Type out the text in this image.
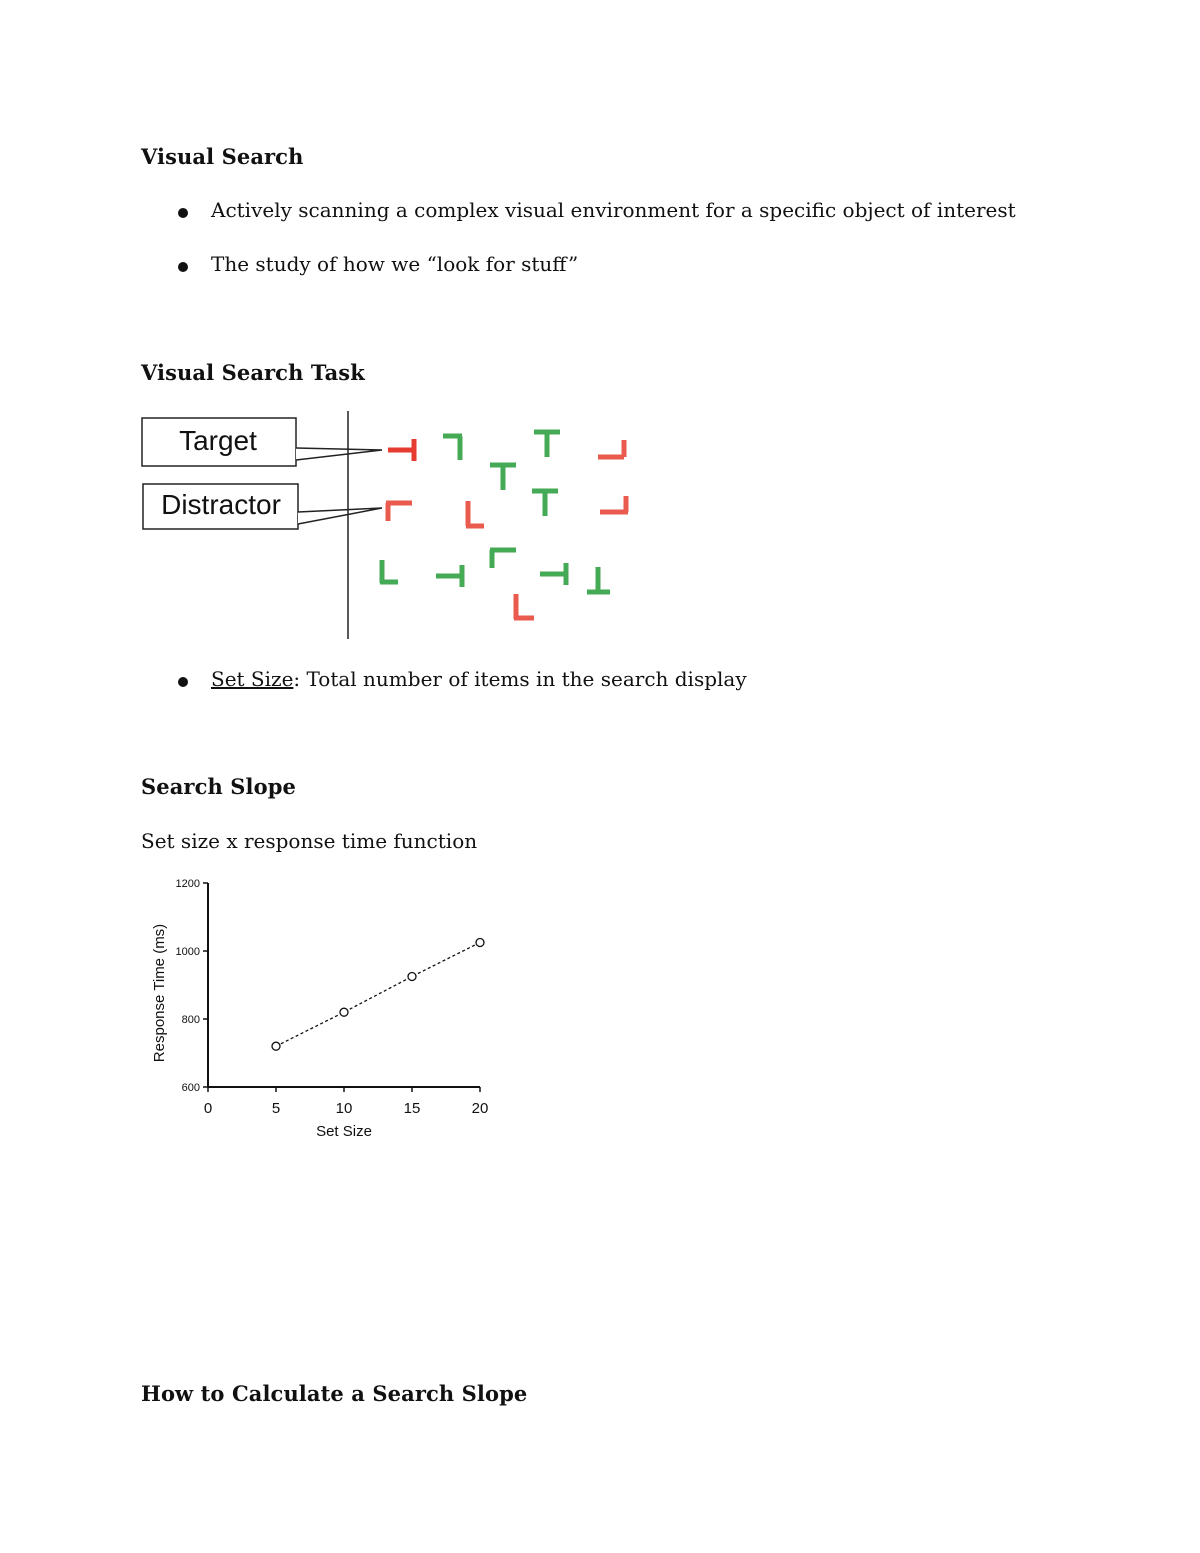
Visual Search
Actively scanning a complex visual environment for a specific object of interest
The study of how we “look for stuff”
Visual Search Task
Target
Distractor
Set Size: Total number of items in the search display
Search Slope
Set size x response time function
0	5	10	15	20
600
800
1000
1200
Set Size
Response Time (ms)
How to Calculate a Search Slope
